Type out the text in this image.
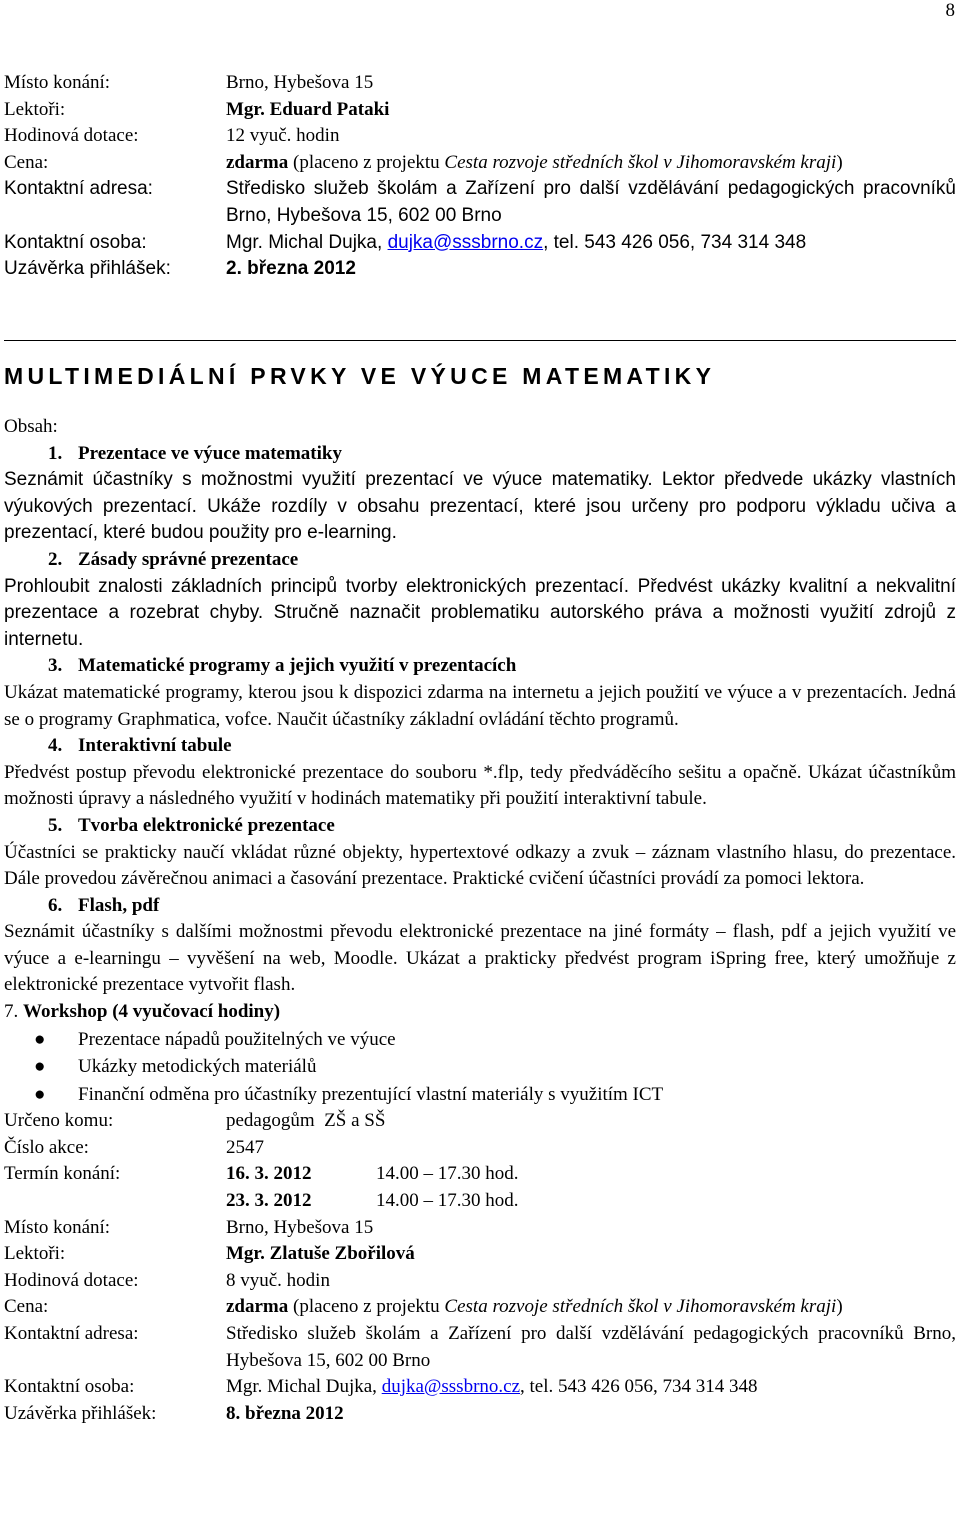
8
Místo konání:	Brno, Hybešova 15
Lektoři:	Mgr. Eduard Pataki
Hodinová dotace:	12 vyuč. hodin
Cena:	zdarma (placeno z projektu Cesta rozvoje středních škol v Jihomoravském kraji)
Kontaktní adresa:	Středisko služeb školám a Zařízení pro další vzdělávání pedagogických pracovníků Brno, Hybešova 15, 602 00 Brno
Kontaktní osoba:	Mgr. Michal Dujka, dujka@sssbrno.cz, tel. 543 426 056, 734 314 348
Uzávěrka přihlášek:	2. března 2012
MULTIMEDIÁLNÍ PRVKY VE VÝUCE MATEMATIKY
Obsah:
1. Prezentace ve výuce matematiky
Seznámit účastníky s možnostmi využití prezentací ve výuce matematiky. Lektor předvede ukázky vlastních výukových prezentací. Ukáže rozdíly v obsahu prezentací, které jsou určeny pro podporu výkladu učiva a prezentací, které budou použity pro e-learning.
2. Zásady správné prezentace
Prohloubit znalosti základních principů tvorby elektronických prezentací. Předvést ukázky kvalitní a nekvalitní prezentace a rozebrat chyby. Stručně naznačit problematiku autorského práva a možnosti využití zdrojů z internetu.
3. Matematické programy a jejich využití v prezentacích
Ukázat matematické programy, kterou jsou k dispozici zdarma na internetu a jejich použití ve výuce a v prezentacích. Jedná se o programy Graphmatica, vofce. Naučit účastníky základní ovládání těchto programů.
4. Interaktivní tabule
Předvést postup převodu elektronické prezentace do souboru *.flp, tedy předváděcího sešitu a opačně. Ukázat účastníkům možnosti úpravy a následného využití v hodinách matematiky při použití interaktivní tabule.
5. Tvorba elektronické prezentace
Účastníci se prakticky naučí vkládat různé objekty, hypertextové odkazy a zvuk – záznam vlastního hlasu, do prezentace. Dále provedou závěrečnou animaci a časování prezentace. Praktické cvičení účastníci provádí za pomoci lektora.
6. Flash, pdf
Seznámit účastníky s dalšími možnostmi převodu elektronické prezentace na jiné formáty – flash, pdf a jejich využití ve výuce a e-learningu – vyvěšení na web, Moodle. Ukázat a prakticky předvést program iSpring free, který umožňuje z elektronické prezentace vytvořit flash.
7. Workshop (4 vyučovací hodiny)
● Prezentace nápadů použitelných ve výuce
● Ukázky metodických materiálů
● Finanční odměna pro účastníky prezentující vlastní materiály s využitím ICT
Určeno komu:	pedagogům  ZŠ a SŠ
Číslo akce:	2547
Termín konání:	16. 3. 2012	14.00 – 17.30 hod.
23. 3. 2012	14.00 – 17.30 hod.
Místo konání:	Brno, Hybešova 15
Lektoři:	Mgr. Zlatuše Zbořilová
Hodinová dotace:	8 vyuč. hodin
Cena:	zdarma (placeno z projektu Cesta rozvoje středních škol v Jihomoravském kraji)
Kontaktní adresa:	Středisko služeb školám a Zařízení pro další vzdělávání pedagogických pracovníků Brno, Hybešova 15, 602 00 Brno
Kontaktní osoba:	Mgr. Michal Dujka, dujka@sssbrno.cz, tel. 543 426 056, 734 314 348
Uzávěrka přihlášek:	8. března 2012
